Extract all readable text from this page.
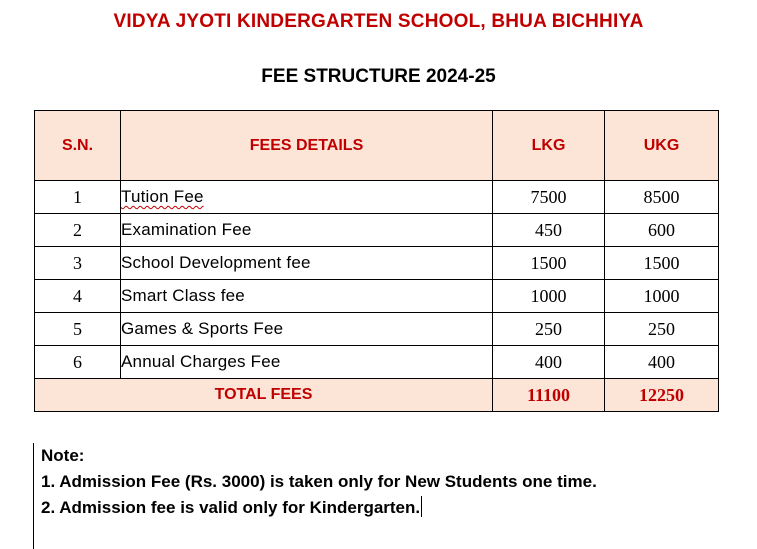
VIDYA JYOTI KINDERGARTEN SCHOOL, BHUA BICHHIYA
FEE STRUCTURE 2024-25
S.N.	FEES DETAILS	LKG	UKG
1	Tution Fee	7500	8500
2	Examination Fee	450	600
3	School Development fee	1500	1500
4	Smart Class fee	1000	1000
5	Games & Sports Fee	250	250
6	Annual Charges Fee	400	400
TOTAL FEES		11100	12250
Note:
1. Admission Fee (Rs. 3000) is taken only for New Students one time.
2. Admission fee is valid only for Kindergarten.
